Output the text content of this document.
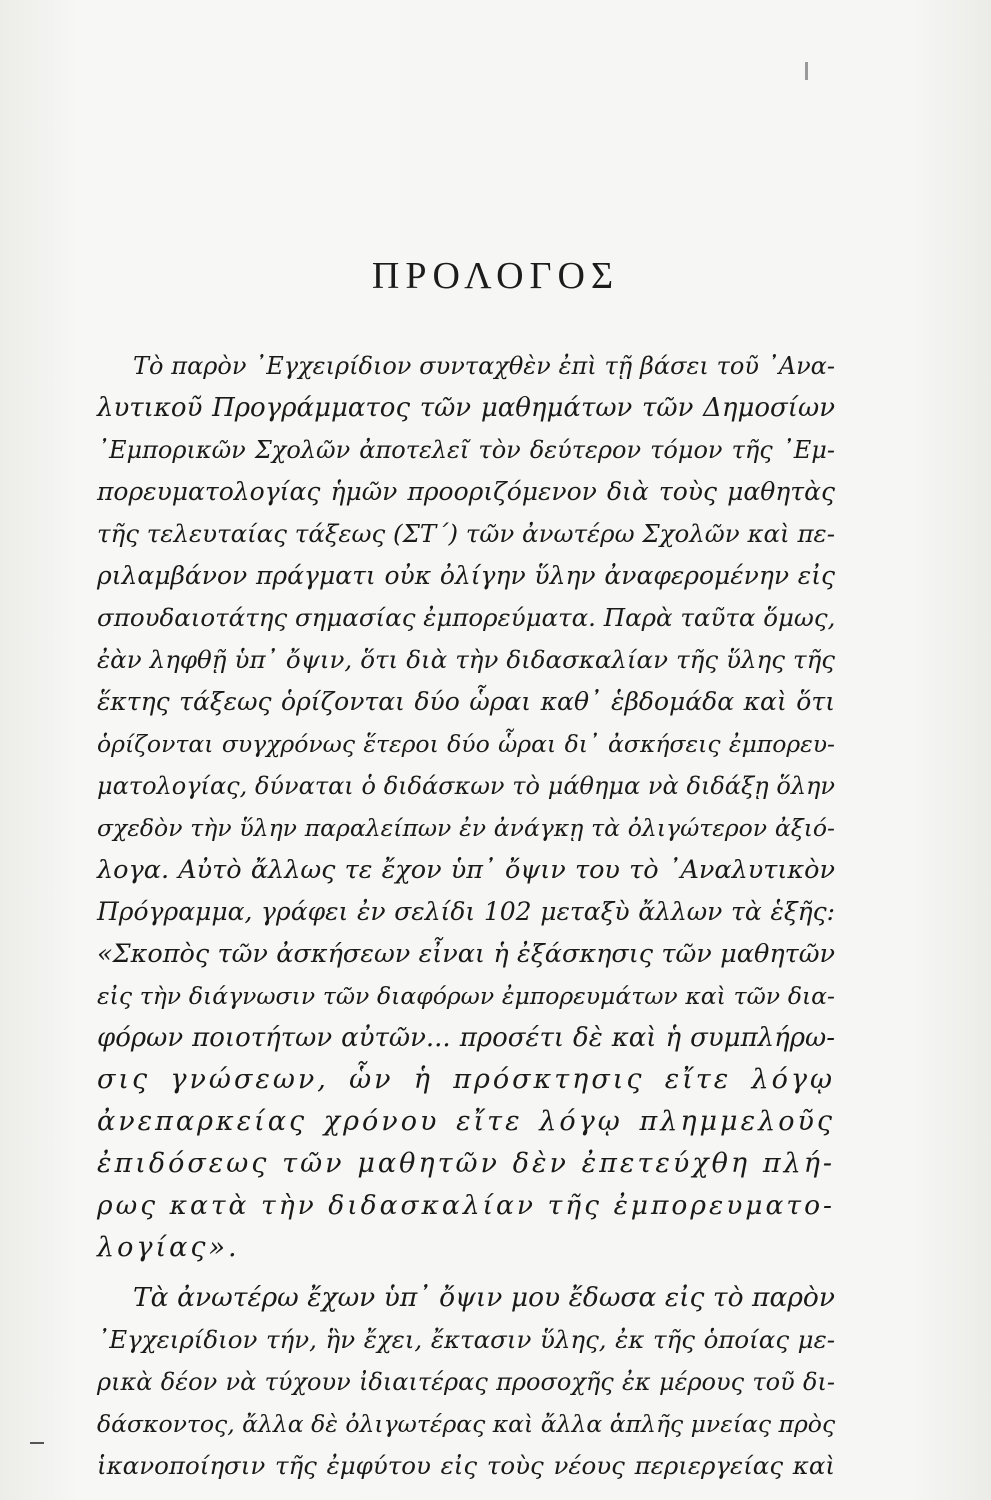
ΠΡΟΛΟΓΟΣ
Τὸ παρὸν ᾿Εγχειρίδιον συνταχθὲν ἐπὶ τῇ βάσει τοῦ ᾿Ανα-
λυτικοῦ Προγράμματος τῶν μαθημάτων τῶν Δημοσίων
᾿Εμπορικῶν Σχολῶν ἀποτελεῖ τὸν δεύτερον τόμον τῆς ᾿Εμ-
πορευματολογίας ἡμῶν προοριζόμενον διὰ τοὺς μαθητὰς
τῆς τελευταίας τάξεως (ΣΤ΄) τῶν ἀνωτέρω Σχολῶν καὶ πε-
ριλαμβάνον πράγματι οὐκ ὀλίγην ὕλην ἀναφερομένην εἰς
σπουδαιοτάτης σημασίας ἐμπορεύματα. Παρὰ ταῦτα ὅμως,
ἐὰν ληφθῇ ὑπ᾿ ὄψιν, ὅτι διὰ τὴν διδασκαλίαν τῆς ὕλης τῆς
ἕκτης τάξεως ὁρίζονται δύο ὧραι καθ᾿ ἑβδομάδα καὶ ὅτι
ὁρίζονται συγχρόνως ἕτεροι δύο ὧραι δι᾿ ἀσκήσεις ἐμπορευ-
ματολογίας, δύναται ὁ διδάσκων τὸ μάθημα νὰ διδάξῃ ὅλην
σχεδὸν τὴν ὕλην παραλείπων ἐν ἀνάγκῃ τὰ ὀλιγώτερον ἀξιό-
λογα. Αὐτὸ ἄλλως τε ἔχον ὑπ᾿ ὄψιν του τὸ ᾿Αναλυτικὸν
Πρόγραμμα, γράφει ἐν σελίδι 102 μεταξὺ ἄλλων τὰ ἑξῆς:
«Σκοπὸς τῶν ἀσκήσεων εἶναι ἡ ἐξάσκησις τῶν μαθητῶν
εἰς τὴν διάγνωσιν τῶν διαφόρων ἐμπορευμάτων καὶ τῶν δια-
φόρων ποιοτήτων αὐτῶν... προσέτι δὲ καὶ ἡ συμπλήρω-
σις γνώσεων, ὧν ἡ πρόσκτησις εἴτε λόγῳ
ἀνεπαρκείας χρόνου εἴτε λόγῳ πλημμελοῦς
ἐπιδόσεως τῶν μαθητῶν δὲν ἐπετεύχθη πλή-
ρως κατὰ τὴν διδασκαλίαν τῆς ἐμπορευματο-
λογίας».
Τὰ ἀνωτέρω ἔχων ὑπ᾿ ὄψιν μου ἔδωσα εἰς τὸ παρὸν
᾿Εγχειρίδιον τήν, ἣν ἔχει, ἔκτασιν ὕλης, ἐκ τῆς ὁποίας με-
ρικὰ δέον νὰ τύχουν ἰδιαιτέρας προσοχῆς ἐκ μέρους τοῦ δι-
δάσκοντος, ἄλλα δὲ ὀλιγωτέρας καὶ ἄλλα ἁπλῆς μνείας πρὸς
ἱκανοποίησιν τῆς ἐμφύτου εἰς τοὺς νέους περιεργείας καὶ
